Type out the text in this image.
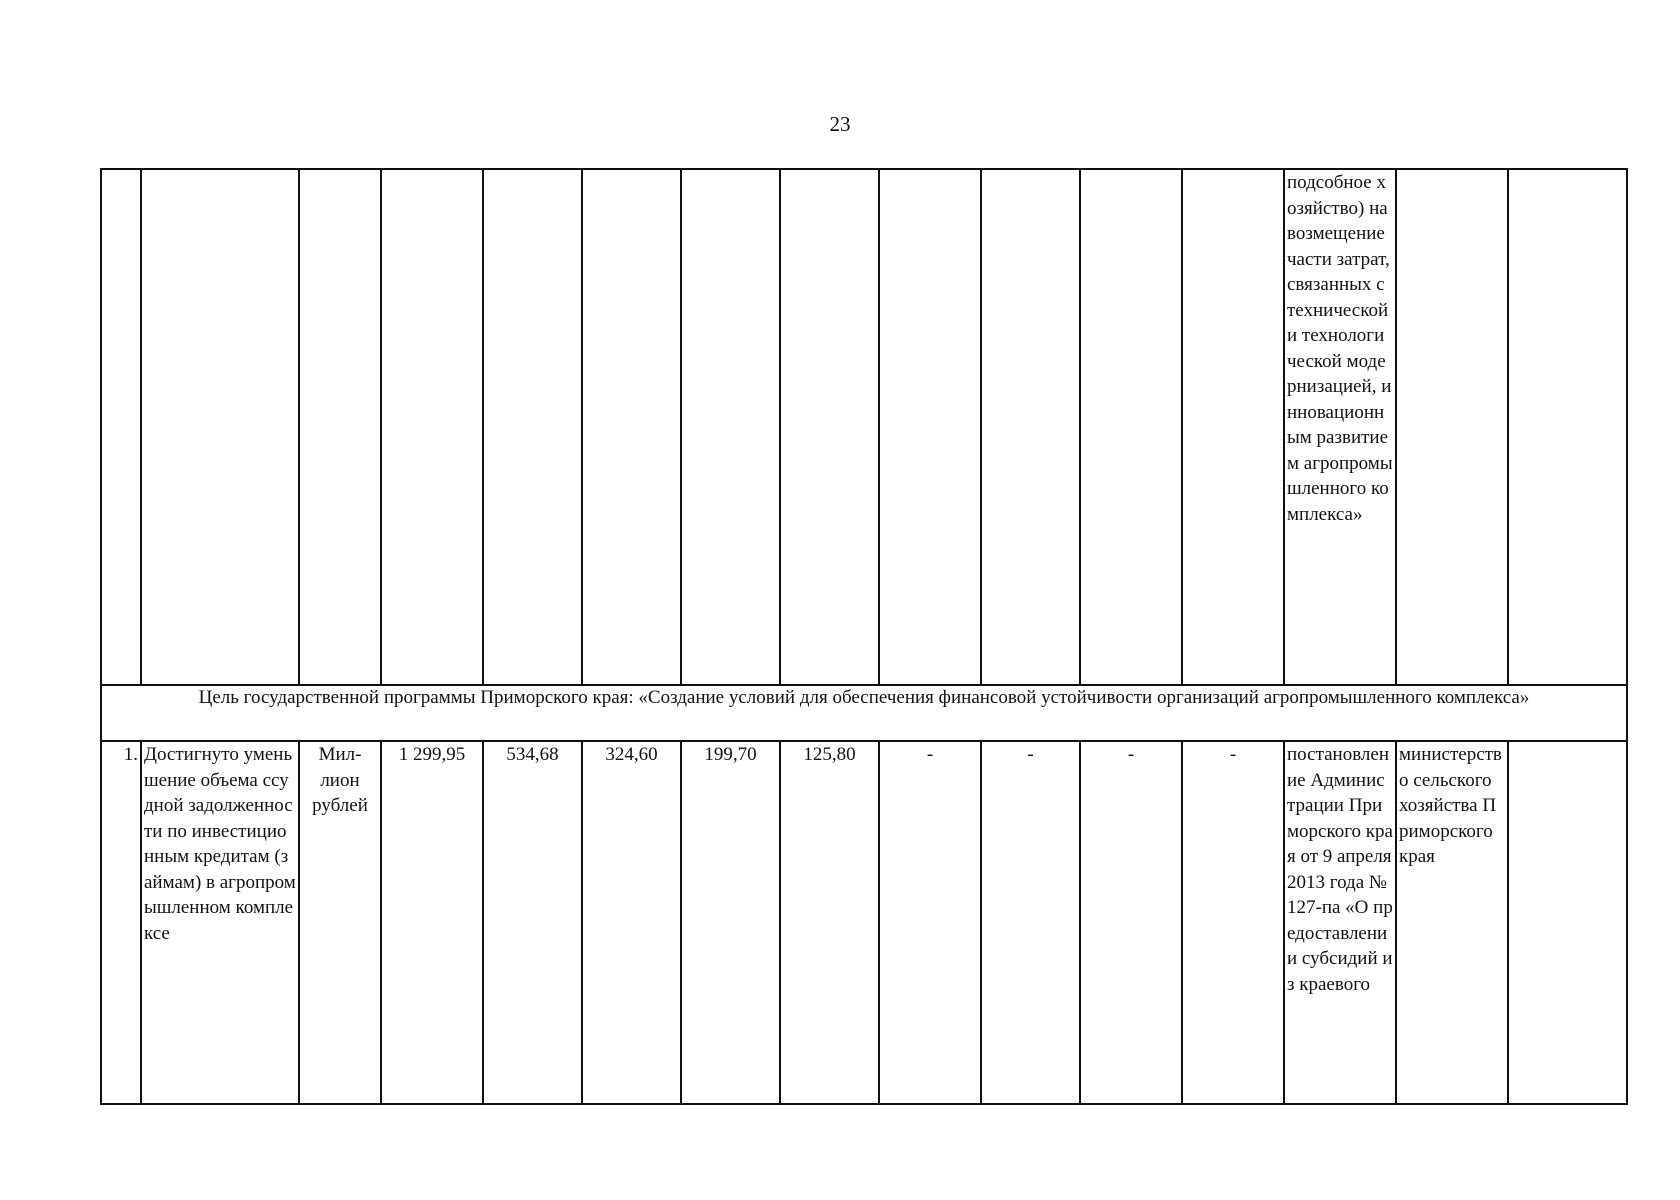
23
												подсобное хозяйство) на возмещение части затрат, связанных с технической и технологической модернизацией, инновационным развитием агропромышленного комплекса»		
Цель государственной программы Приморского края: «Создание условий для обеспечения финансовой устойчивости организаций агропромышленного комплекса»														
1.	Достигнуто уменьшение объема ссудной задолженности по инвестиционным кредитам (займам) в агропромышленном комплексе	Мил-лион рублей	1 299,95	534,68	324,60	199,70	125,80	-	-	-	-	постановление Администрации Приморского края от 9 апреля 2013 года № 127-па «О предоставлении субсидий из краевого	министерство сельского хозяйства Приморского края	
